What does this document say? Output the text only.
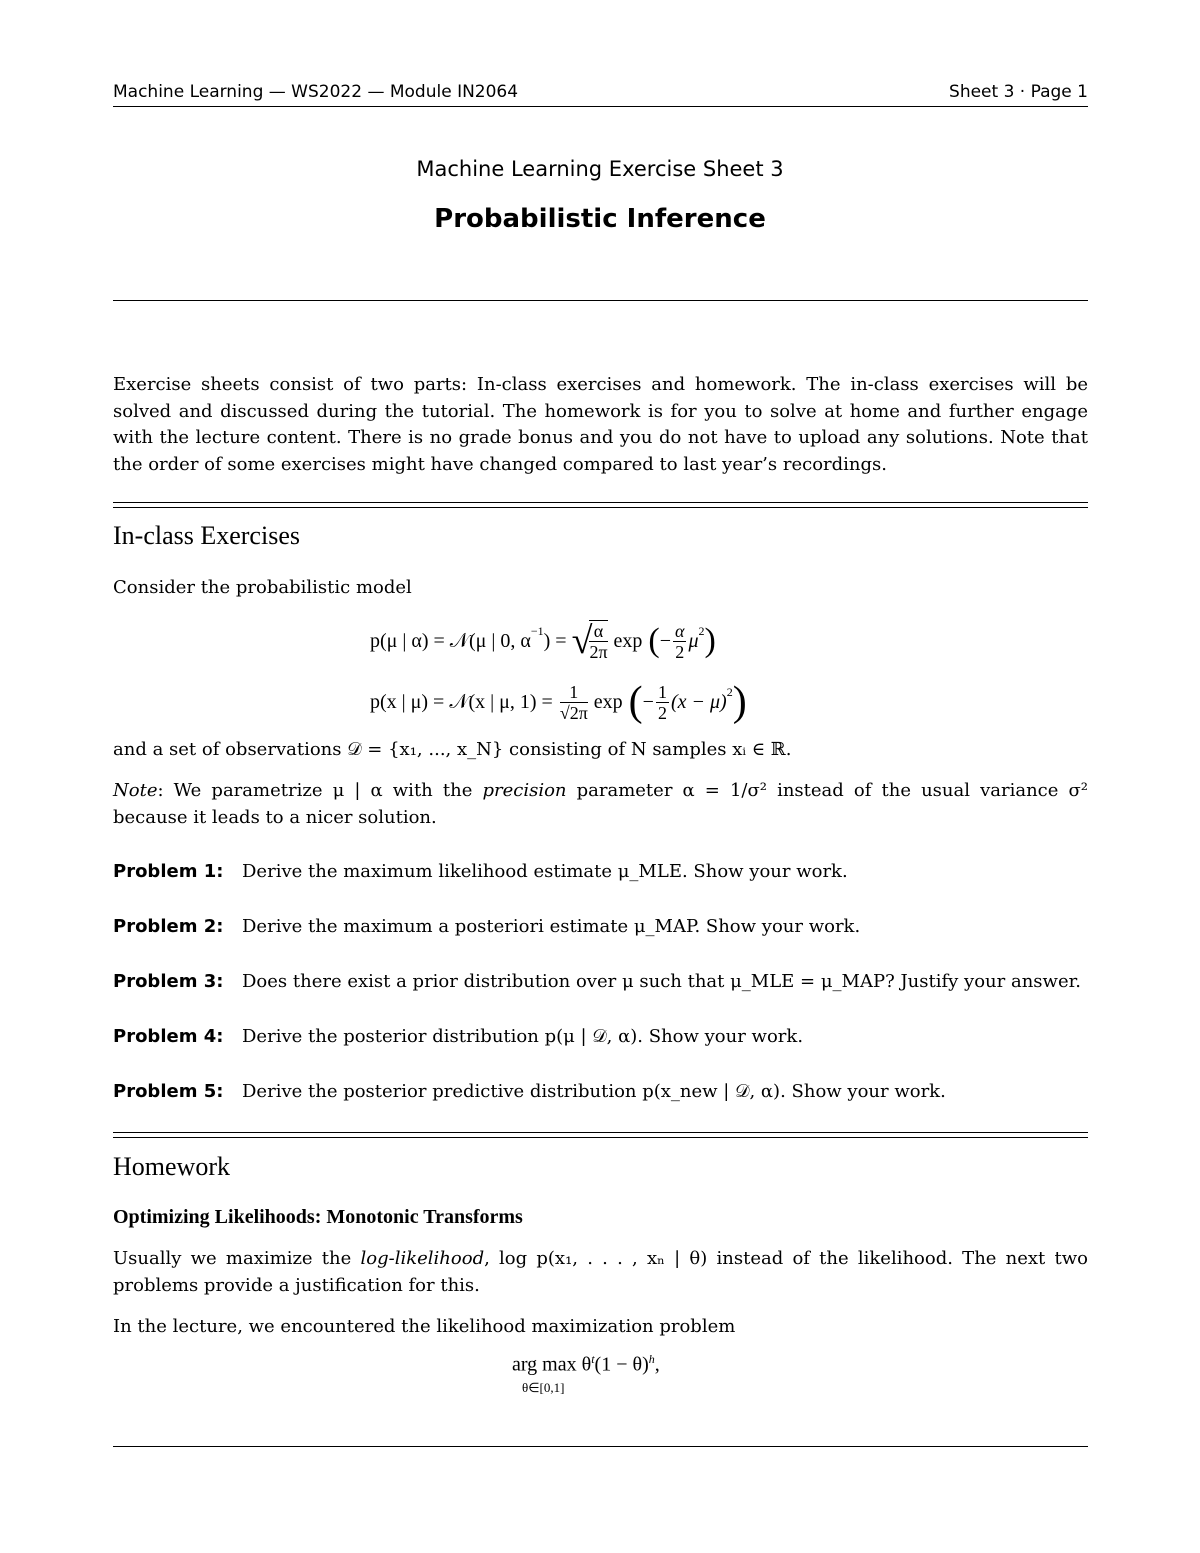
Machine Learning — WS2022 — Module IN2064	Sheet 3 · Page 1
Machine Learning Exercise Sheet 3
Probabilistic Inference
Exercise sheets consist of two parts: In-class exercises and homework. The in-class exercises will be solved and discussed during the tutorial. The homework is for you to solve at home and further engage with the lecture content. There is no grade bonus and you do not have to upload any solutions. Note that the order of some exercises might have changed compared to last year’s recordings.
In-class Exercises
Consider the probabilistic model
p(μ | α) = 𝒩(μ | 0, $\alpha^{-1}$ ) = √
$\frac{\alpha}{2\pi}$ exp ( − $\frac{\alpha}{2} \mu^2$ )
p(x | μ) = 𝒩(x | μ, $1) = \frac{1}{√2\pi}$ exp ( − $\frac{1}{2} (x - \mu)^2$ )
and a set of observations 𝒟 = {x₁, ..., x_N} consisting of N samples xᵢ ∈ ℝ.
Note: We parametrize μ | α with the precision parameter α = 1/σ² instead of the usual variance σ² because it leads to a nicer solution.
Problem 1: Derive the maximum likelihood estimate μ_MLE. Show your work.
Problem 2: Derive the maximum a posteriori estimate μ_MAP. Show your work.
Problem 3: Does there exist a prior distribution over μ such that μ_MLE = μ_MAP? Justify your answer.
Problem 4: Derive the posterior distribution p(μ | 𝒟, α). Show your work.
Problem 5: Derive the posterior predictive distribution p(x_new | 𝒟, α). Show your work.
Homework
Optimizing Likelihoods: Monotonic Transforms
Usually we maximize the log-likelihood, log p(x₁, . . . , xₙ | θ) instead of the likelihood. The next two problems provide a justification for this.
In the lecture, we encountered the likelihood maximization problem
arg $\max \theta^t(1 - \theta)^h$,
θ∈[0,1]
